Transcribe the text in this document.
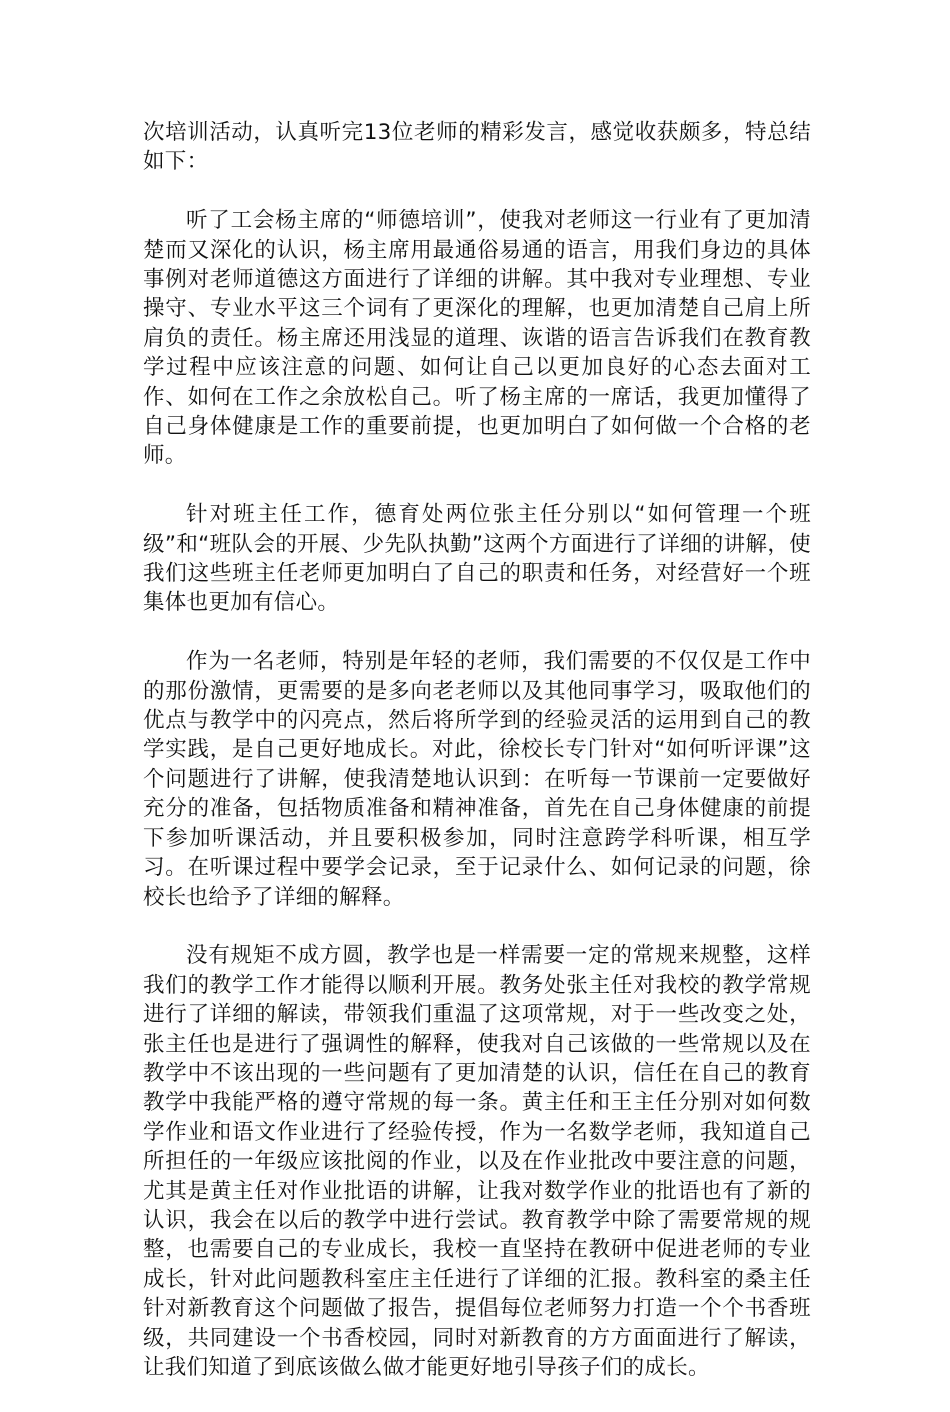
次培训活动，认真听完13位老师的精彩发言，感觉收获颇多，特总结如下：

听了工会杨主席的“师德培训”，使我对老师这一行业有了更加清楚而又深化的认识，杨主席用最通俗易通的语言，用我们身边的具体事例对老师道德这方面进行了详细的讲解。其中我对专业理想、专业操守、专业水平这三个词有了更深化的理解，也更加清楚自己肩上所肩负的责任。杨主席还用浅显的道理、诙谐的语言告诉我们在教育教学过程中应该注意的问题、如何让自己以更加良好的心态去面对工作、如何在工作之余放松自己。听了杨主席的一席话，我更加懂得了自己身体健康是工作的重要前提，也更加明白了如何做一个合格的老师。

针对班主任工作，德育处两位张主任分别以“如何管理一个班级”和“班队会的开展、少先队执勤”这两个方面进行了详细的讲解，使我们这些班主任老师更加明白了自己的职责和任务，对经营好一个班集体也更加有信心。

作为一名老师，特别是年轻的老师，我们需要的不仅仅是工作中的那份激情，更需要的是多向老老师以及其他同事学习，吸取他们的优点与教学中的闪亮点，然后将所学到的经验灵活的运用到自己的教学实践，是自己更好地成长。对此，徐校长专门针对“如何听评课”这个问题进行了讲解，使我清楚地认识到：在听每一节课前一定要做好充分的准备，包括物质准备和精神准备，首先在自己身体健康的前提下参加听课活动，并且要积极参加，同时注意跨学科听课，相互学习。在听课过程中要学会记录，至于记录什么、如何记录的问题，徐校长也给予了详细的解释。

没有规矩不成方圆，教学也是一样需要一定的常规来规整，这样我们的教学工作才能得以顺利开展。教务处张主任对我校的教学常规进行了详细的解读，带领我们重温了这项常规，对于一些改变之处，张主任也是进行了强调性的解释，使我对自己该做的一些常规以及在教学中不该出现的一些问题有了更加清楚的认识，信任在自己的教育教学中我能严格的遵守常规的每一条。黄主任和王主任分别对如何数学作业和语文作业进行了经验传授，作为一名数学老师，我知道自己所担任的一年级应该批阅的作业，以及在作业批改中要注意的问题，尤其是黄主任对作业批语的讲解，让我对数学作业的批语也有了新的认识，我会在以后的教学中进行尝试。教育教学中除了需要常规的规整，也需要自己的专业成长，我校一直坚持在教研中促进老师的专业成长，针对此问题教科室庄主任进行了详细的汇报。教科室的桑主任针对新教育这个问题做了报告，提倡每位老师努力打造一个个书香班级，共同建设一个书香校园，同时对新教育的方方面面进行了解读，让我们知道了到底该做么做才能更好地引导孩子们的成长。
